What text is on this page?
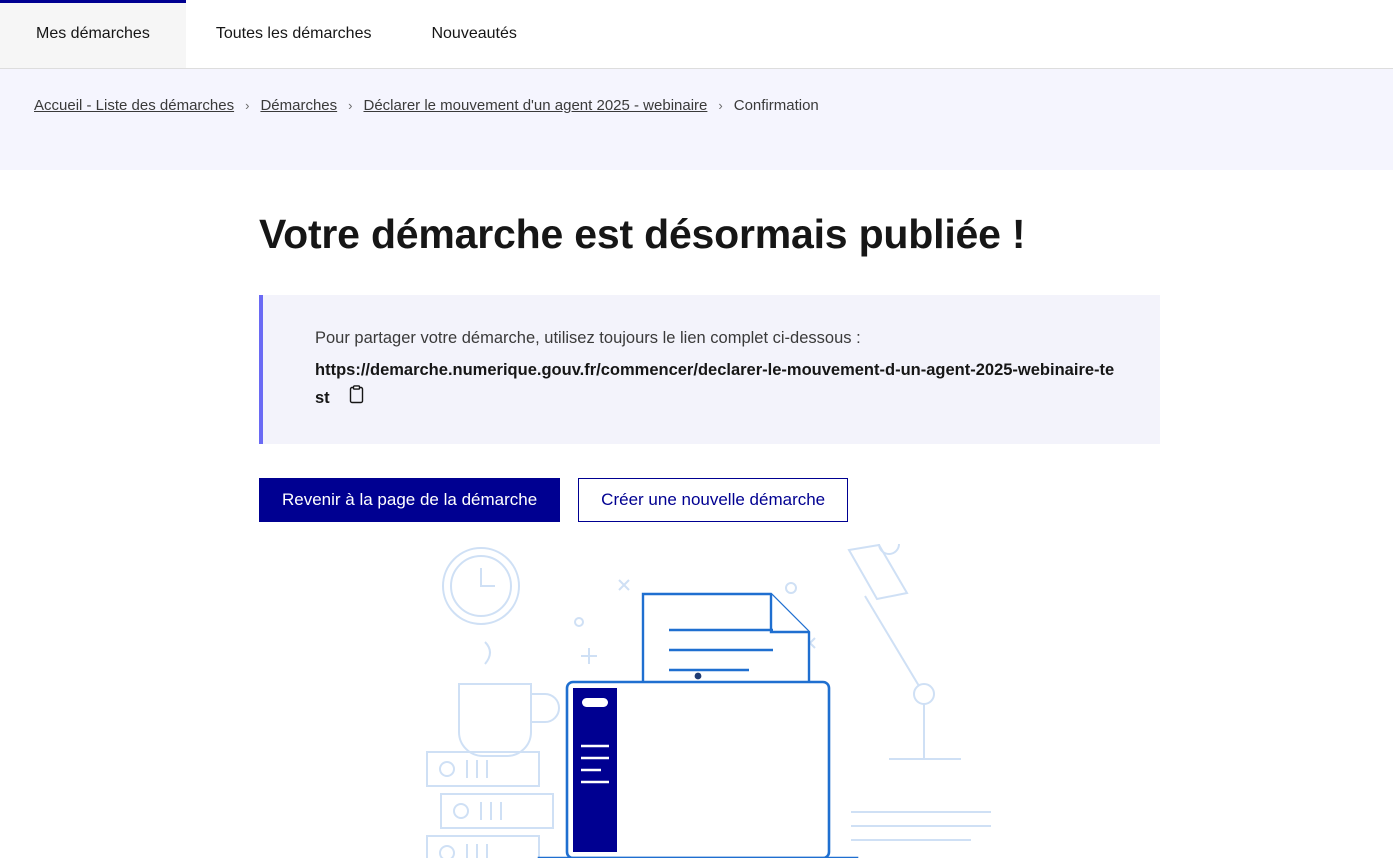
Mes démarches	Toutes les démarches	Nouveautés
Accueil - Liste des démarches › Démarches › Déclarer le mouvement d'un agent 2025 - webinaire › Confirmation
Votre démarche est désormais publiée !

Pour partager votre démarche, utilisez toujours le lien complet ci-dessous :

https://demarche.numerique.gouv.fr/commencer/declarer-le-mouvement-d-un-agent-2025-webinaire-test

Revenir à la page de la démarche	Créer une nouvelle démarche
